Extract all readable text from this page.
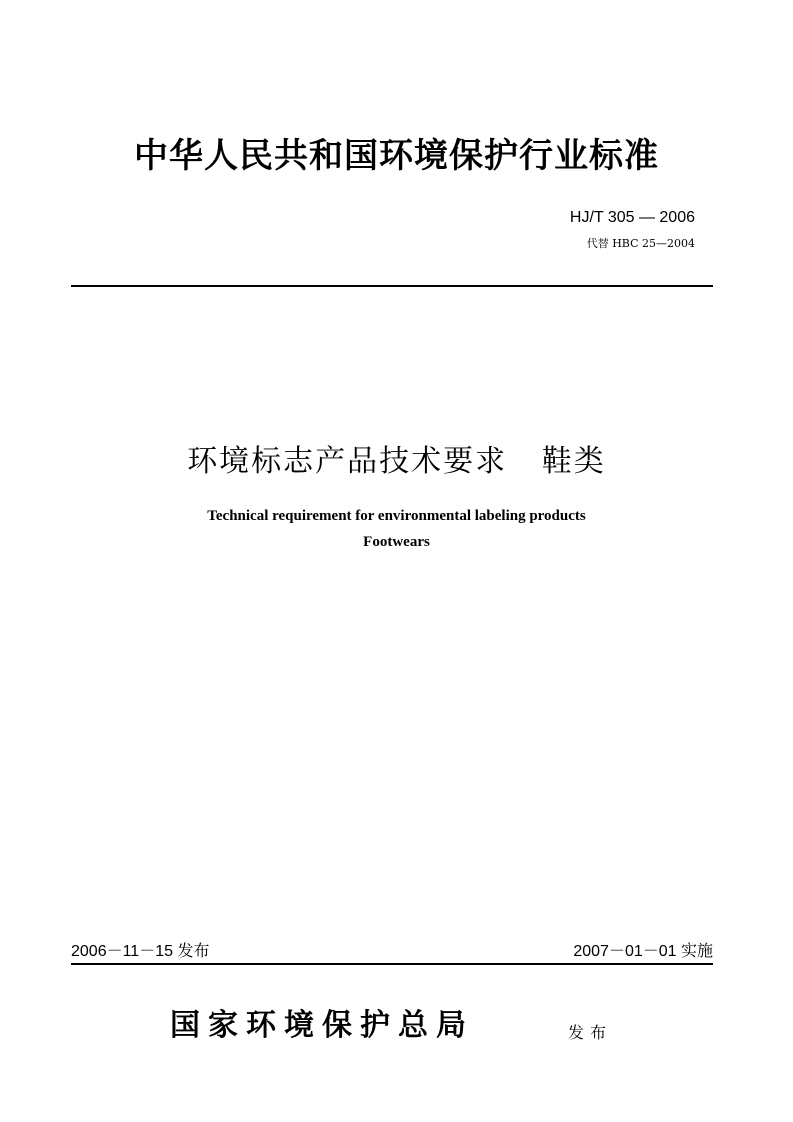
中华人民共和国环境保护行业标准
HJ/T 305 — 2006
代替 HBC 25—2004
环境标志产品技术要求   鞋类
Technical requirement for environmental labeling products
Footwears
2006－11－15 发布	2007－01－01 实施
国家环境保护总局	发布
